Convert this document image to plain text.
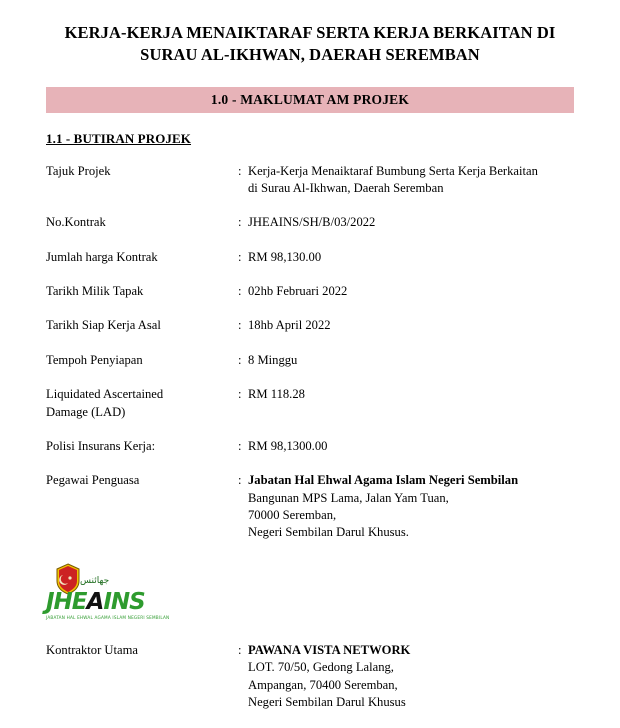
KERJA-KERJA MENAIKTARAF SERTA KERJA BERKAITAN DI
SURAU AL-IKHWAN, DAERAH SEREMBAN
1.0 - MAKLUMAT AM PROJEK
1.1 - BUTIRAN PROJEK
Tajuk Projek	:	Kerja-Kerja Menaiktaraf Bumbung Serta Kerja Berkaitan
di Surau Al-Ikhwan, Daerah Seremban

No.Kontrak	:	JHEAINS/SH/B/03/2022
Jumlah harga Kontrak	:	RM 98,130.00
Tarikh Milik Tapak	:	02hb Februari 2022
Tarikh Siap Kerja Asal	:	18hb April 2022
Tempoh Penyiapan	:	8 Minggu

Liquidated Ascertained
Damage (LAD)	:	RM 118.28
Polisi Insurans Kerja:	:	RM 98,1300.00
Pegawai Penguasa	:	Jabatan Hal Ehwal Agama Islam Negeri Sembilan
Bangunan MPS Lama, Jalan Yam Tuan,
70000 Seremban,
Negeri Sembilan Darul Khusus.

جهائنس
JHEAINS
JABATAN HAL EHWAL AGAMA ISLAM NEGERI SEMBILAN		

Kontraktor Utama	:	PAWANA VISTA NETWORK
LOT. 70/50, Gedong Lalang,
Ampangan, 70400 Seremban,
Negeri Sembilan Darul Khusus
